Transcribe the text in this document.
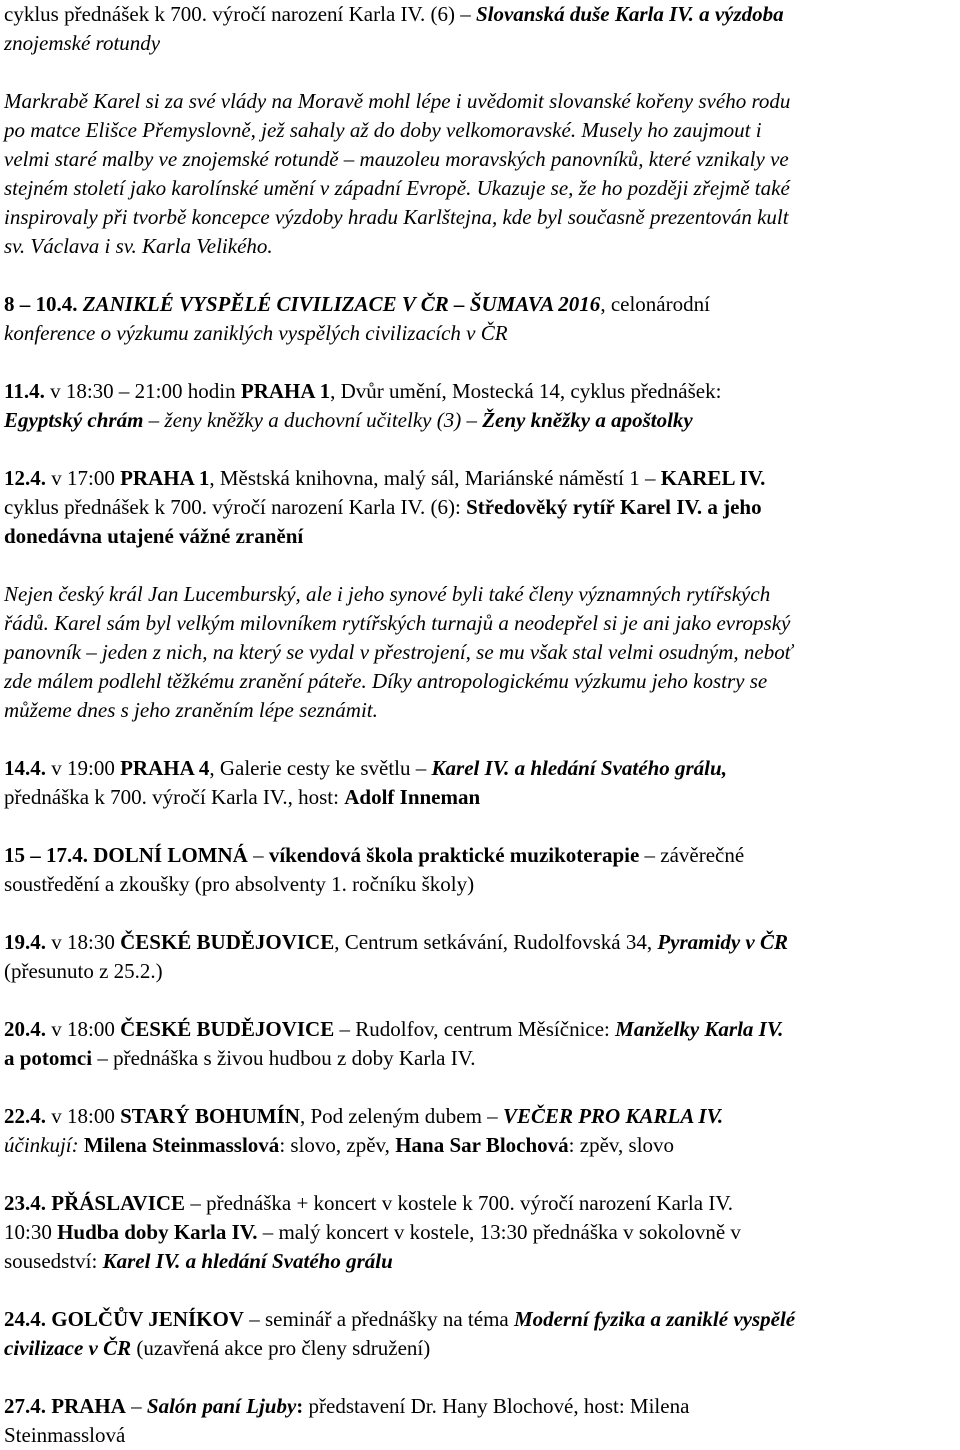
cyklus přednášek k 700. výročí narození Karla IV. (6) – Slovanská duše Karla IV. a výzdoba
znojemské rotundy

Markrabě Karel si za své vlády na Moravě mohl lépe i uvědomit slovanské kořeny svého rodu
po matce Elišce Přemyslovně, jež sahaly až do doby velkomoravské. Musely ho zaujmout i
velmi staré malby ve znojemské rotundě – mauzoleu moravských panovníků, které vznikaly ve
stejném století jako karolínské umění v západní Evropě. Ukazuje se, že ho později zřejmě také
inspirovaly při tvorbě koncepce výzdoby hradu Karlštejna, kde byl současně prezentován kult
sv. Václava i sv. Karla Velikého.

8 – 10.4. ZANIKLÉ VYSPĚLÉ CIVILIZACE V ČR – ŠUMAVA 2016, celonárodní
konference o výzkumu zaniklých vyspělých civilizacích v ČR

11.4. v 18:30 – 21:00 hodin PRAHA 1, Dvůr umění, Mostecká 14, cyklus přednášek:
Egyptský chrám – ženy kněžky a duchovní učitelky (3) – Ženy kněžky a apoštolky

12.4. v 17:00 PRAHA 1, Městská knihovna, malý sál, Mariánské náměstí 1 – KAREL IV.
cyklus přednášek k 700. výročí narození Karla IV. (6): Středověký rytíř Karel IV. a jeho
donedávna utajené vážné zranění

Nejen český král Jan Lucemburský, ale i jeho synové byli také členy významných rytířských
řádů. Karel sám byl velkým milovníkem rytířských turnajů a neodepřel si je ani jako evropský
panovník – jeden z nich, na který se vydal v přestrojení, se mu však stal velmi osudným, neboť
zde málem podlehl těžkému zranění páteře. Díky antropologickému výzkumu jeho kostry se
můžeme dnes s jeho zraněním lépe seznámit.

14.4. v 19:00 PRAHA 4, Galerie cesty ke světlu – Karel IV. a hledání Svatého grálu,
přednáška k 700. výročí Karla IV., host: Adolf Inneman

15 – 17.4. DOLNÍ LOMNÁ – víkendová škola praktické muzikoterapie – závěrečné
soustředění a zkoušky (pro absolventy 1. ročníku školy)

19.4. v 18:30 ČESKÉ BUDĚJOVICE, Centrum setkávání, Rudolfovská 34, Pyramidy v ČR
(přesunuto z 25.2.)

20.4. v 18:00 ČESKÉ BUDĚJOVICE – Rudolfov, centrum Měsíčnice: Manželky Karla IV.
a potomci – přednáška s živou hudbou z doby Karla IV.

22.4. v 18:00 STARÝ BOHUMÍN, Pod zeleným dubem – VEČER PRO KARLA IV.
účinkují: Milena Steinmasslová: slovo, zpěv, Hana Sar Blochová: zpěv, slovo

23.4. PŘÁSLAVICE – přednáška + koncert v kostele k 700. výročí narození Karla IV.
10:30 Hudba doby Karla IV. – malý koncert v kostele, 13:30 přednáška v sokolovně v
sousedství: Karel IV. a hledání Svatého grálu

24.4. GOLČŮV JENÍKOV – seminář a přednášky na téma Moderní fyzika a zaniklé vyspělé
civilizace v ČR (uzavřená akce pro členy sdružení)

27.4. PRAHA – Salón paní Ljuby: představení Dr. Hany Blochové, host: Milena
Steinmasslová
